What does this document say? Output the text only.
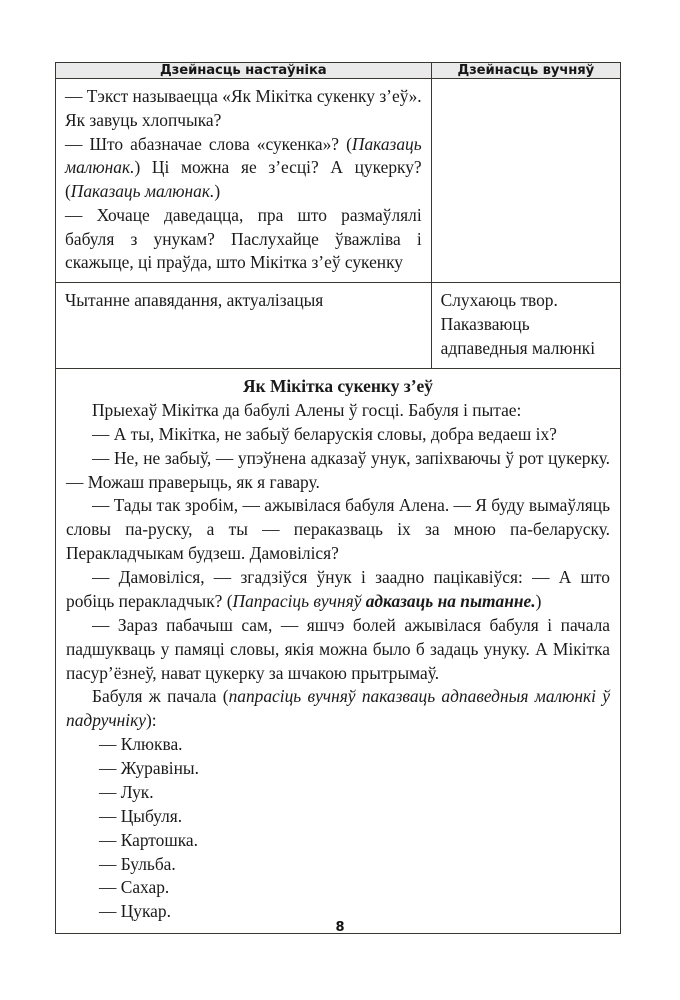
Дзейнасць настаўніка	Дзейнасць вучняў

— Тэкст называецца «Як Мікітка сукенку з’еў». Як завуць хлопчыка?

— Што абазначае слова «сукенка»? (Паказаць малюнак.) Ці можна яе з’есці? А цукерку? (Паказаць малюнак.)

— Хочаце даведацца, пра што размаўлялі бабуля з унукам? Паслухайце ўважліва і скажыце, ці праўда, што Мікітка з’еў сукенку	

Чытанне апавядання, актуалізацыя	Слухаюць твор. Паказваюць адпаведныя малюнкі

Як Мікітка сукенку з’еў

Прыехаў Мікітка да бабулі Алены ў госці. Бабуля і пытае:

— А ты, Мікітка, не забыў беларускія словы, добра ведаеш іх?

— Не, не забыў, — упэўнена адказаў унук, запіхваючы ў рот цукерку. — Можаш праверыць, як я гавару.

— Тады так зробім, — ажывілася бабуля Алена. — Я буду вымаўляць словы па-руску, а ты — пераказваць іх за мною па-беларуску. Перакладчыкам будзеш. Дамовіліся?

— Дамовіліся, — згадзіўся ўнук і заадно пацікавіўся: — А што робіць перакладчык? (Папрасіць вучняў адказаць на пытанне.)

— Зараз пабачыш сам, — яшчэ болей ажывілася бабуля і пачала падшукваць у памяці словы, якія можна было б задаць унуку. А Мікітка пасур’ёзнеў, нават цукерку за шчакою прытрымаў.

Бабуля ж пачала (папрасіць вучняў паказваць адпаведныя малюнкі ў падручніку):

— Клюква.

— Журавіны.

— Лук.

— Цыбуля.

— Картошка.

— Бульба.

— Сахар.

— Цукар.

8
